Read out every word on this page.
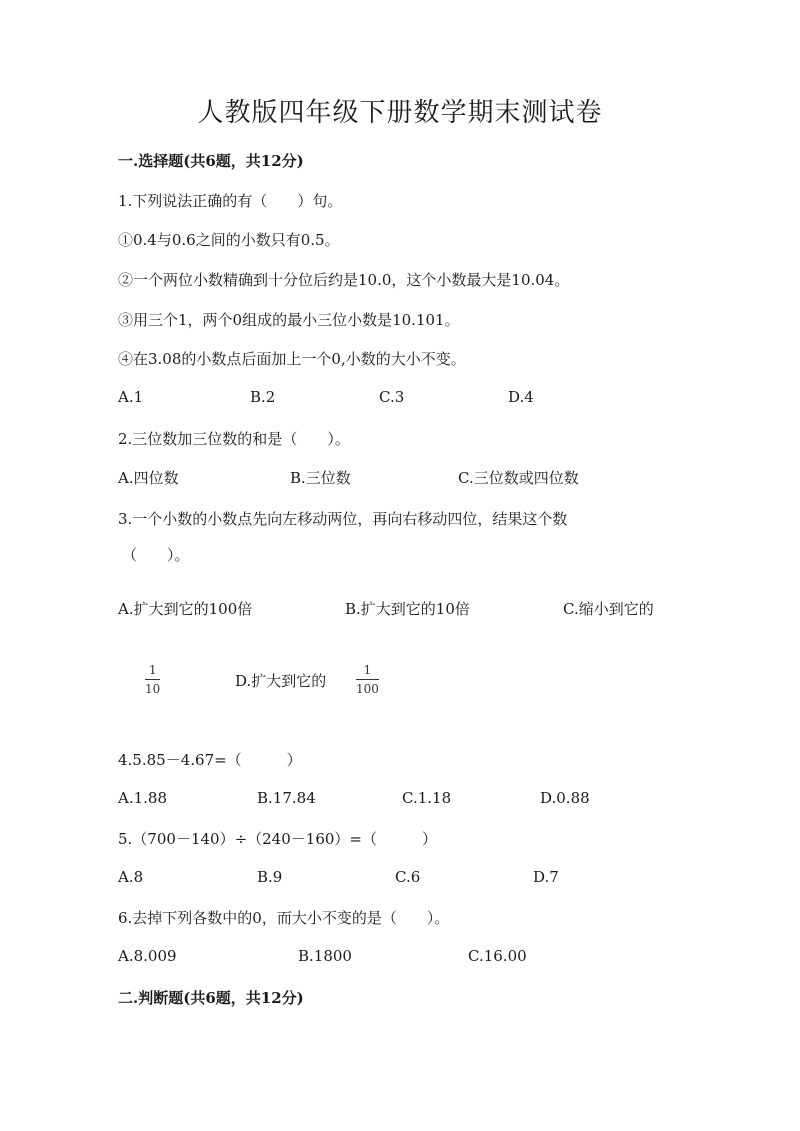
人教版四年级下册数学期末测试卷
一.选择题(共6题，共12分)
1.下列说法正确的有（　　）句。
①0.4与0.6之间的小数只有0.5。
②一个两位小数精确到十分位后约是10.0，这个小数最大是10.04。
③用三个1，两个0组成的最小三位小数是10.101。
④在3.08的小数点后面加上一个0,小数的大小不变。
A.1	B.2	C.3	D.4
2.三位数加三位数的和是（　　）。
A.四位数	B.三位数	C.三位数或四位数
3.一个小数的小数点先向左移动两位，再向右移动四位，结果这个数
（　　）。
A.扩大到它的100倍	B.扩大到它的10倍	C.缩小到它的
1
10	D.扩大到它的
1
100
4.5.85－4.67=（　　　）
A.1.88	B.17.84	C.1.18	D.0.88
5.（700－140）÷（240－160）=（　　　）
A.8	B.9	C.6	D.7
6.去掉下列各数中的0，而大小不变的是（　　）。
A.8.009	B.1800	C.16.00
二.判断题(共6题，共12分)
